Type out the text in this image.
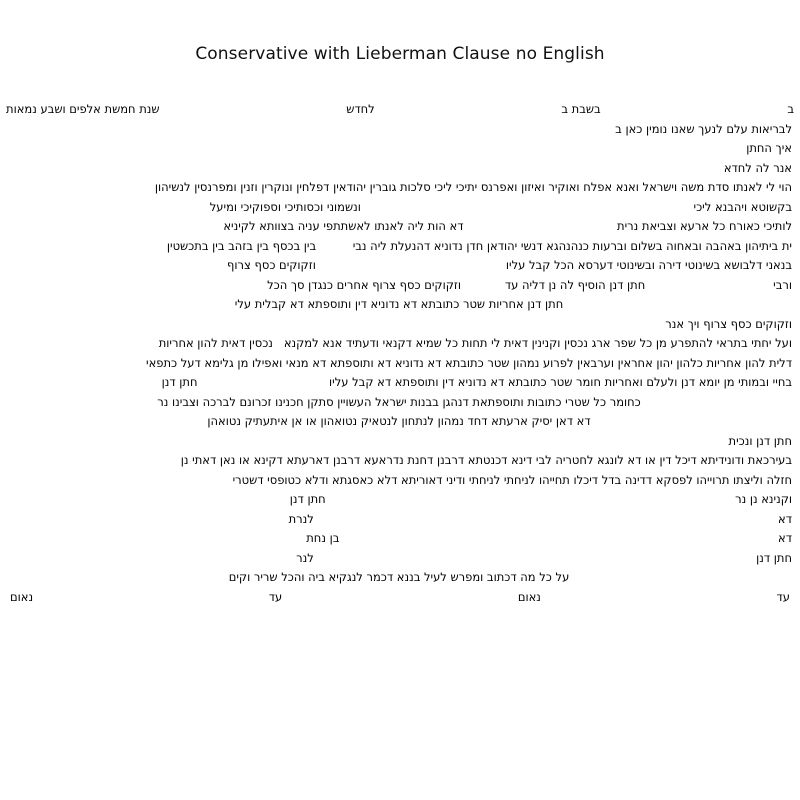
Conservative with Lieberman Clause no English
ב
בשבת ב
לחדש
שנת חמשת אלפים ושבע נמאות
לבריאות עלם לנעך שאנו נומין כאן ב
איך החתן
אנר לה לחדא
הוי לי לאנתו סדת משה וישראל ואנא אפלח ואוקיר ואיזון ואפרנס יתיכי ליכי סלכות גוברין יהודאין דפלחין ונוקרין וזנין ומפרנסין לנשיהון
בקשוטא ויהבנא ליכי                                                                                           ונשמוני וכסותיכי וספוקיכי ומיעל
לותיכי כאורח כל ארעא וצביאת נרית                                          דא הות ליה לאנתו לאשתתפי עניה בצוותא לקיניא
ית ביתיהון באהבה ובאחוה בשלום וברעות כנהנהגא דנשי יהודאן חדן נדוניא דהנעלת ליה נבי          בין בכסף בין בזהב בין בתכשטין
בנאני דלבושא בשינוטי דירה ובשינוטי דערסא הכל קבל עליו                                                    וזקוקים כסף צרוף
ורבי                                   חתן דנן הוסיף לה נן דליה עד            וזקוקים כסף צרוף אחרים כנגדן סך הכל
חתן דנן אחריות שטר כתובתא דא נדוניא דין ותוספתא דא קבלית עלי
וזקוקים כסף צרוף ויך אנר
ועל יחתי בתראי להתפרע מן כל שפר ארג נכסין וקנינין דאית לי תחות כל שמיא דקנאי ודעתיד אנא למקנא   נכסין דאית להון אחריות
דלית להון אחריות כלהון יהון אחראין וערבאין לפרוע נמהון שטר כתובתא דא נדוניא דא ותוספתא דא מנאי ואפילו מן גלימא דעל כתפאי
בחיי ובמותי מן יומא דנן ולעלם ואחריות חומר שטר כתובתא דא נדוניא דין ותוספתא דא קבל עליו                                    חתן דנן
כחומר כל שטרי כתובות ותוספתאת דנהגן בבנות ישראל העשויין סתקן חכנינו זכרונם לברכה וצבינו נר
דא דאן יסיק ארעתא דחד נמהון לנתחון לנטאיק נטואהון או אן איתעתיק נטואהן
חתן דנן ונכית
בעירכאת ודונידיתא דיכל דין או דא לונגא לחטריה לבי דינא דכנטתא דרבנן דחנת נדראעא דרבנן דארעתא דקינא או נאן דאתי נן
חזלה וליצתו תרוייהו לפסקא דדינה בדל דיכלו תחייהו לניחתי לניחתי ודיני דאוריתא דלא כאסגתא ודלא כטופסי דשטרי
וקנינא נן נר                                                                                                                חתן דנן
דא                                                                                                                               לנרת
דא                                                                                                                        בן נחת
חתן דנן                                                                                                                         לנר
על כל מה דכתוב ומפרש לעיל בננא דכמר לנגקיא ביה והכל שריר וקים
עד
נאום
עד
נאום
